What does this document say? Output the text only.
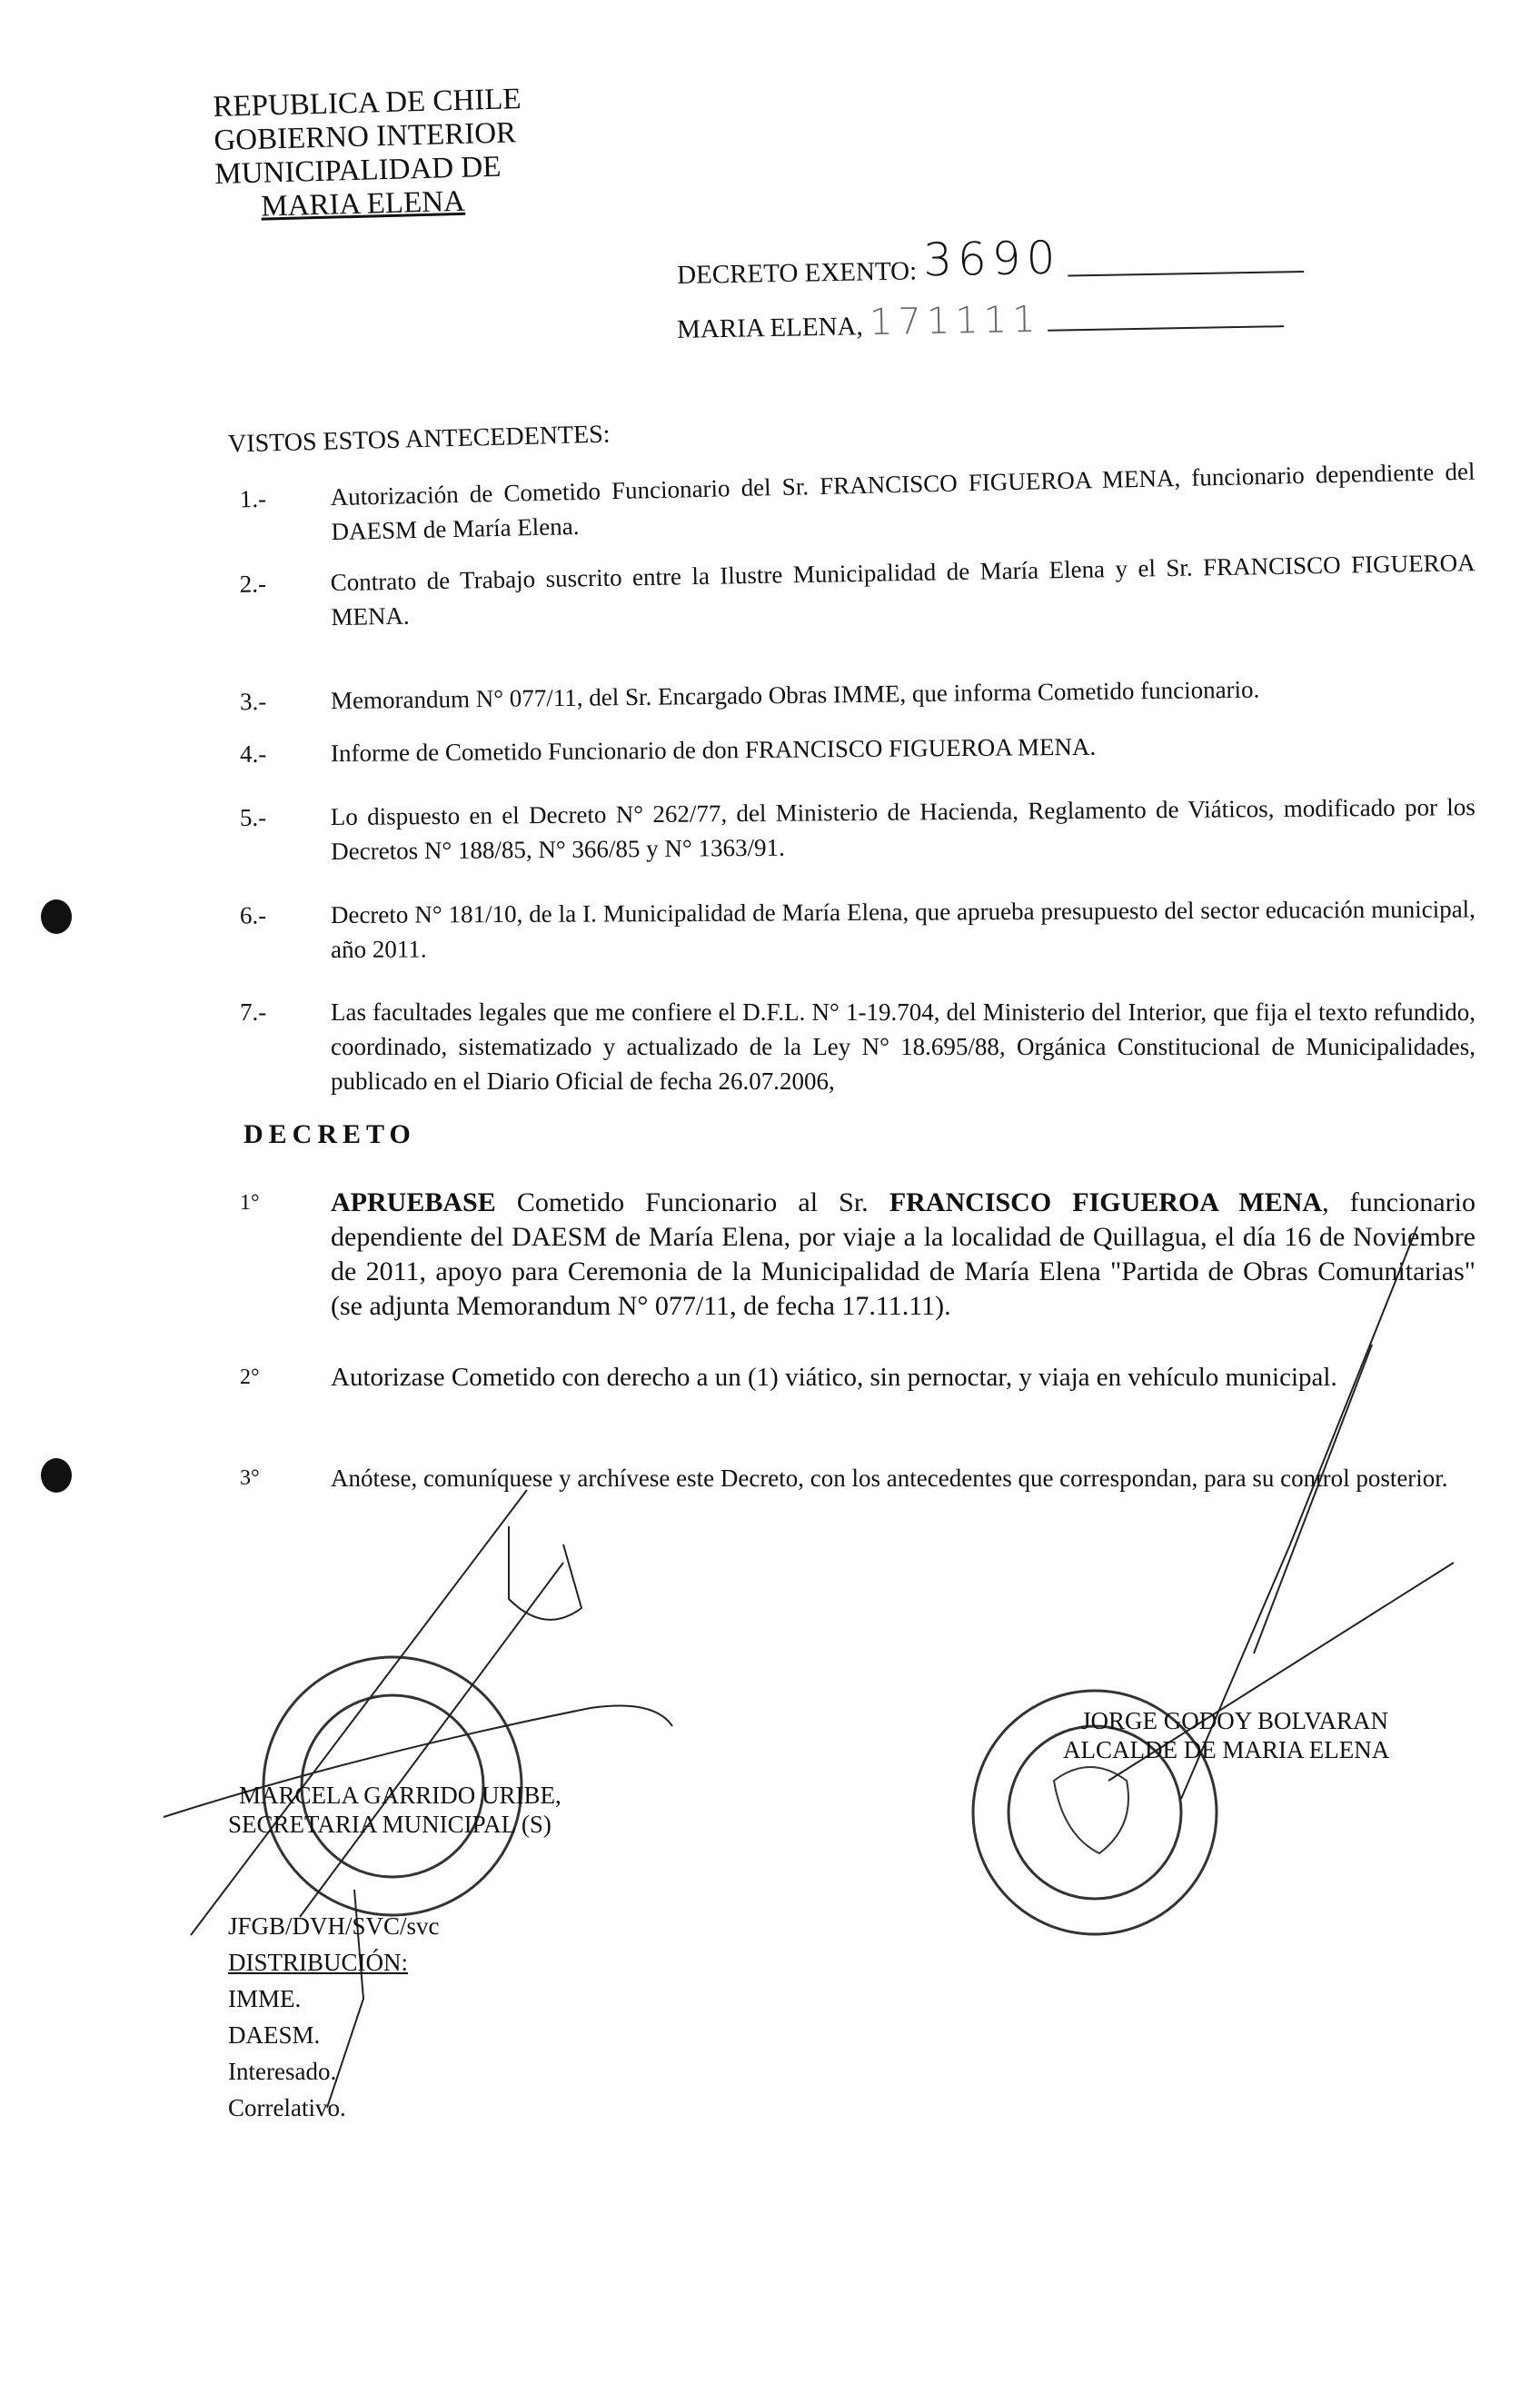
REPUBLICA DE CHILE
GOBIERNO INTERIOR
MUNICIPALIDAD DE
MARIA ELENA
DECRETO EXENTO: 3690
MARIA ELENA, 171111
VISTOS ESTOS ANTECEDENTES:
1.-	Autorización de Cometido Funcionario del Sr. FRANCISCO FIGUEROA MENA, funcionario dependiente del DAESM de María Elena.
2.-	Contrato de Trabajo suscrito entre la Ilustre Municipalidad de María Elena y el Sr. FRANCISCO FIGUEROA MENA.
3.-	Memorandum N° 077/11, del Sr. Encargado Obras IMME, que informa Cometido funcionario.
4.-	Informe de Cometido Funcionario de don FRANCISCO FIGUEROA MENA.
5.-	Lo dispuesto en el Decreto N° 262/77, del Ministerio de Hacienda, Reglamento de Viáticos, modificado por los Decretos N° 188/85, N° 366/85 y N° 1363/91.
6.-	Decreto N° 181/10, de la I. Municipalidad de María Elena, que aprueba presupuesto del sector educación municipal, año 2011.
7.-	Las facultades legales que me confiere el D.F.L. N° 1-19.704, del Ministerio del Interior, que fija el texto refundido, coordinado, sistematizado y actualizado de la Ley N° 18.695/88, Orgánica Constitucional de Municipalidades, publicado en el Diario Oficial de fecha 26.07.2006,
DECRETO
1°	APRUEBASE Cometido Funcionario al Sr. FRANCISCO FIGUEROA MENA, funcionario dependiente del DAESM de María Elena, por viaje a la localidad de Quillagua, el día 16 de Noviembre de 2011, apoyo para Ceremonia de la Municipalidad de María Elena "Partida de Obras Comunitarias" (se adjunta Memorandum N° 077/11, de fecha 17.11.11).
2°	Autorizase Cometido con derecho a un (1) viático, sin pernoctar, y viaja en vehículo municipal.
3°	Anótese, comuníquese y archívese este Decreto, con los antecedentes que correspondan, para su control posterior.
MARCELA GARRIDO URIBE,
SECRETARIA MUNICIPAL (S)
JORGE GODOY BOLVARAN
ALCALDE DE MARIA ELENA
JFGB/DVH/SVC/svc
DISTRIBUCIÓN:
IMME.
DAESM.
Interesado.
Correlativo.
